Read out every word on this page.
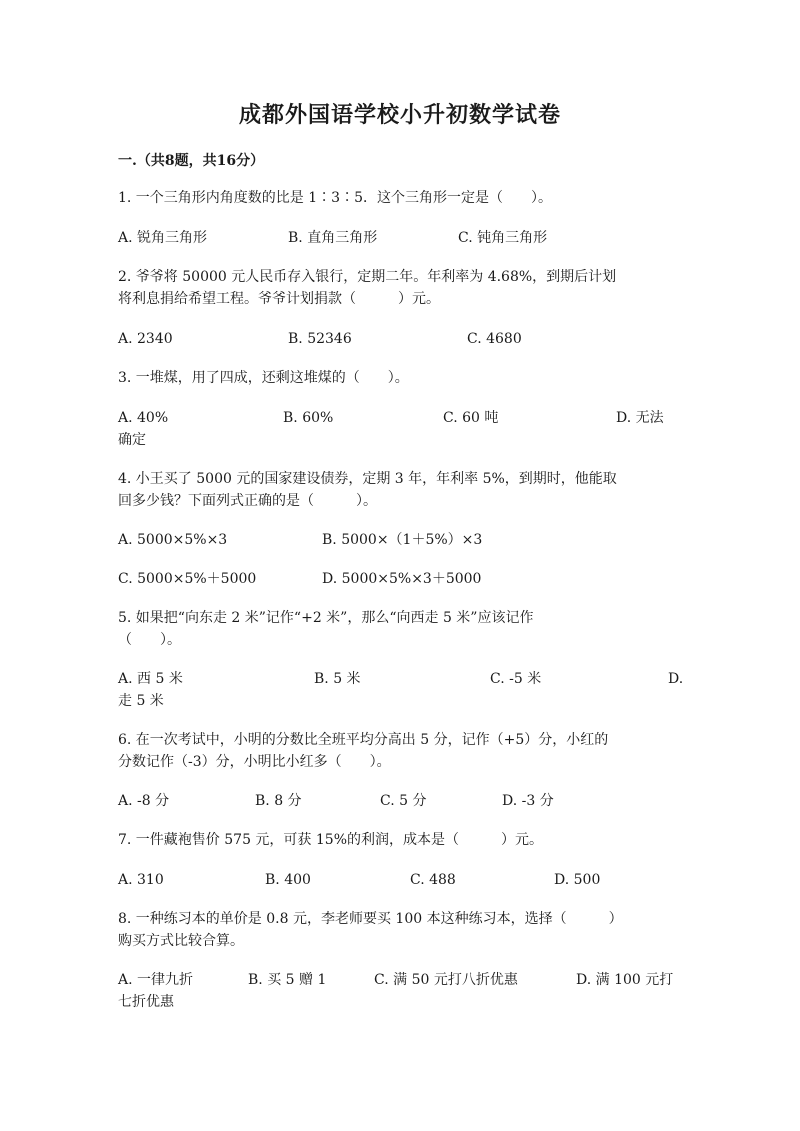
成都外国语学校小升初数学试卷
一.（共8题，共16分）
1. 一个三角形内角度数的比是 1∶3∶5．这个三角形一定是（　　）。
A. 锐角三角形	B. 直角三角形	C. 钝角三角形
2. 爷爷将 50000 元人民币存入银行，定期二年。年利率为 4.68%，到期后计划
将利息捐给希望工程。爷爷计划捐款（　　　）元。
A. 2340	B. 52346	C. 4680
3. 一堆煤，用了四成，还剩这堆煤的（　　）。
A. 40%	B. 60%	C. 60 吨	D. 无法
确定
4. 小王买了 5000 元的国家建设债券，定期 3 年，年利率 5%，到期时，他能取
回多少钱？下面列式正确的是（　　　）。
A. 5000×5%×3	B. 5000×（1＋5%）×3
C. 5000×5%＋5000	D. 5000×5%×3＋5000
5. 如果把“向东走 2 米”记作“+2 米”，那么“向西走 5 米”应该记作
（　　）。
A. 西 5 米	B. 5 米	C. -5 米	D.
走 5 米
6. 在一次考试中，小明的分数比全班平均分高出 5 分，记作（+5）分，小红的
分数记作（-3）分，小明比小红多（　　）。
A. -8 分	B. 8 分	C. 5 分	D. -3 分
7. 一件藏袍售价 575 元，可获 15%的利润，成本是（　　　）元。
A. 310	B. 400	C. 488	D. 500
8. 一种练习本的单价是 0.8 元，李老师要买 100 本这种练习本，选择（　　　）
购买方式比较合算。
A. 一律九折	B. 买 5 赠 1	C. 满 50 元打八折优惠	D. 满 100 元打
七折优惠
